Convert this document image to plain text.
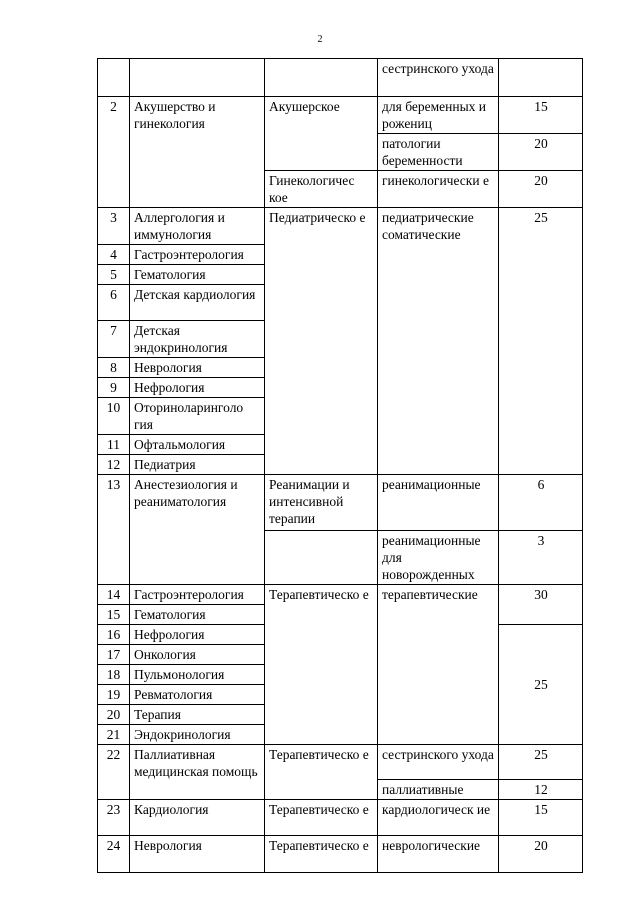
2
			сестринского ухода	
2	Акушерство и гинекология	Акушерское	для беременных и рожениц	15
			патологии беременности	20
		Гинекологичес кое	гинекологически е	20
3	Аллергология и иммунология	Педиатрическо е	педиатрические соматические	25
4	Гастроэнтерология			
5	Гематология			
6	Детская кардиология			
7	Детская эндокринология			
8	Неврология			
9	Нефрология			
10	Оториноларинголо гия			
11	Офтальмология			
12	Педиатрия			
13	Анестезиология и реаниматология	Реанимации и интенсивной терапии	реанимационные	6
			реанимационные для новорожденных	3
14	Гастроэнтерология	Терапевтическо е	терапевтические	30
15	Гематология			
16	Нефрология			25
17	Онкология			
18	Пульмонология			
19	Ревматология			
20	Терапия			
21	Эндокринология			
22	Паллиативная медицинская помощь	Терапевтическо е	сестринского ухода	25
			паллиативные	12
23	Кардиология	Терапевтическо е	кардиологическ ие	15
24	Неврология	Терапевтическо е	неврологические	20
